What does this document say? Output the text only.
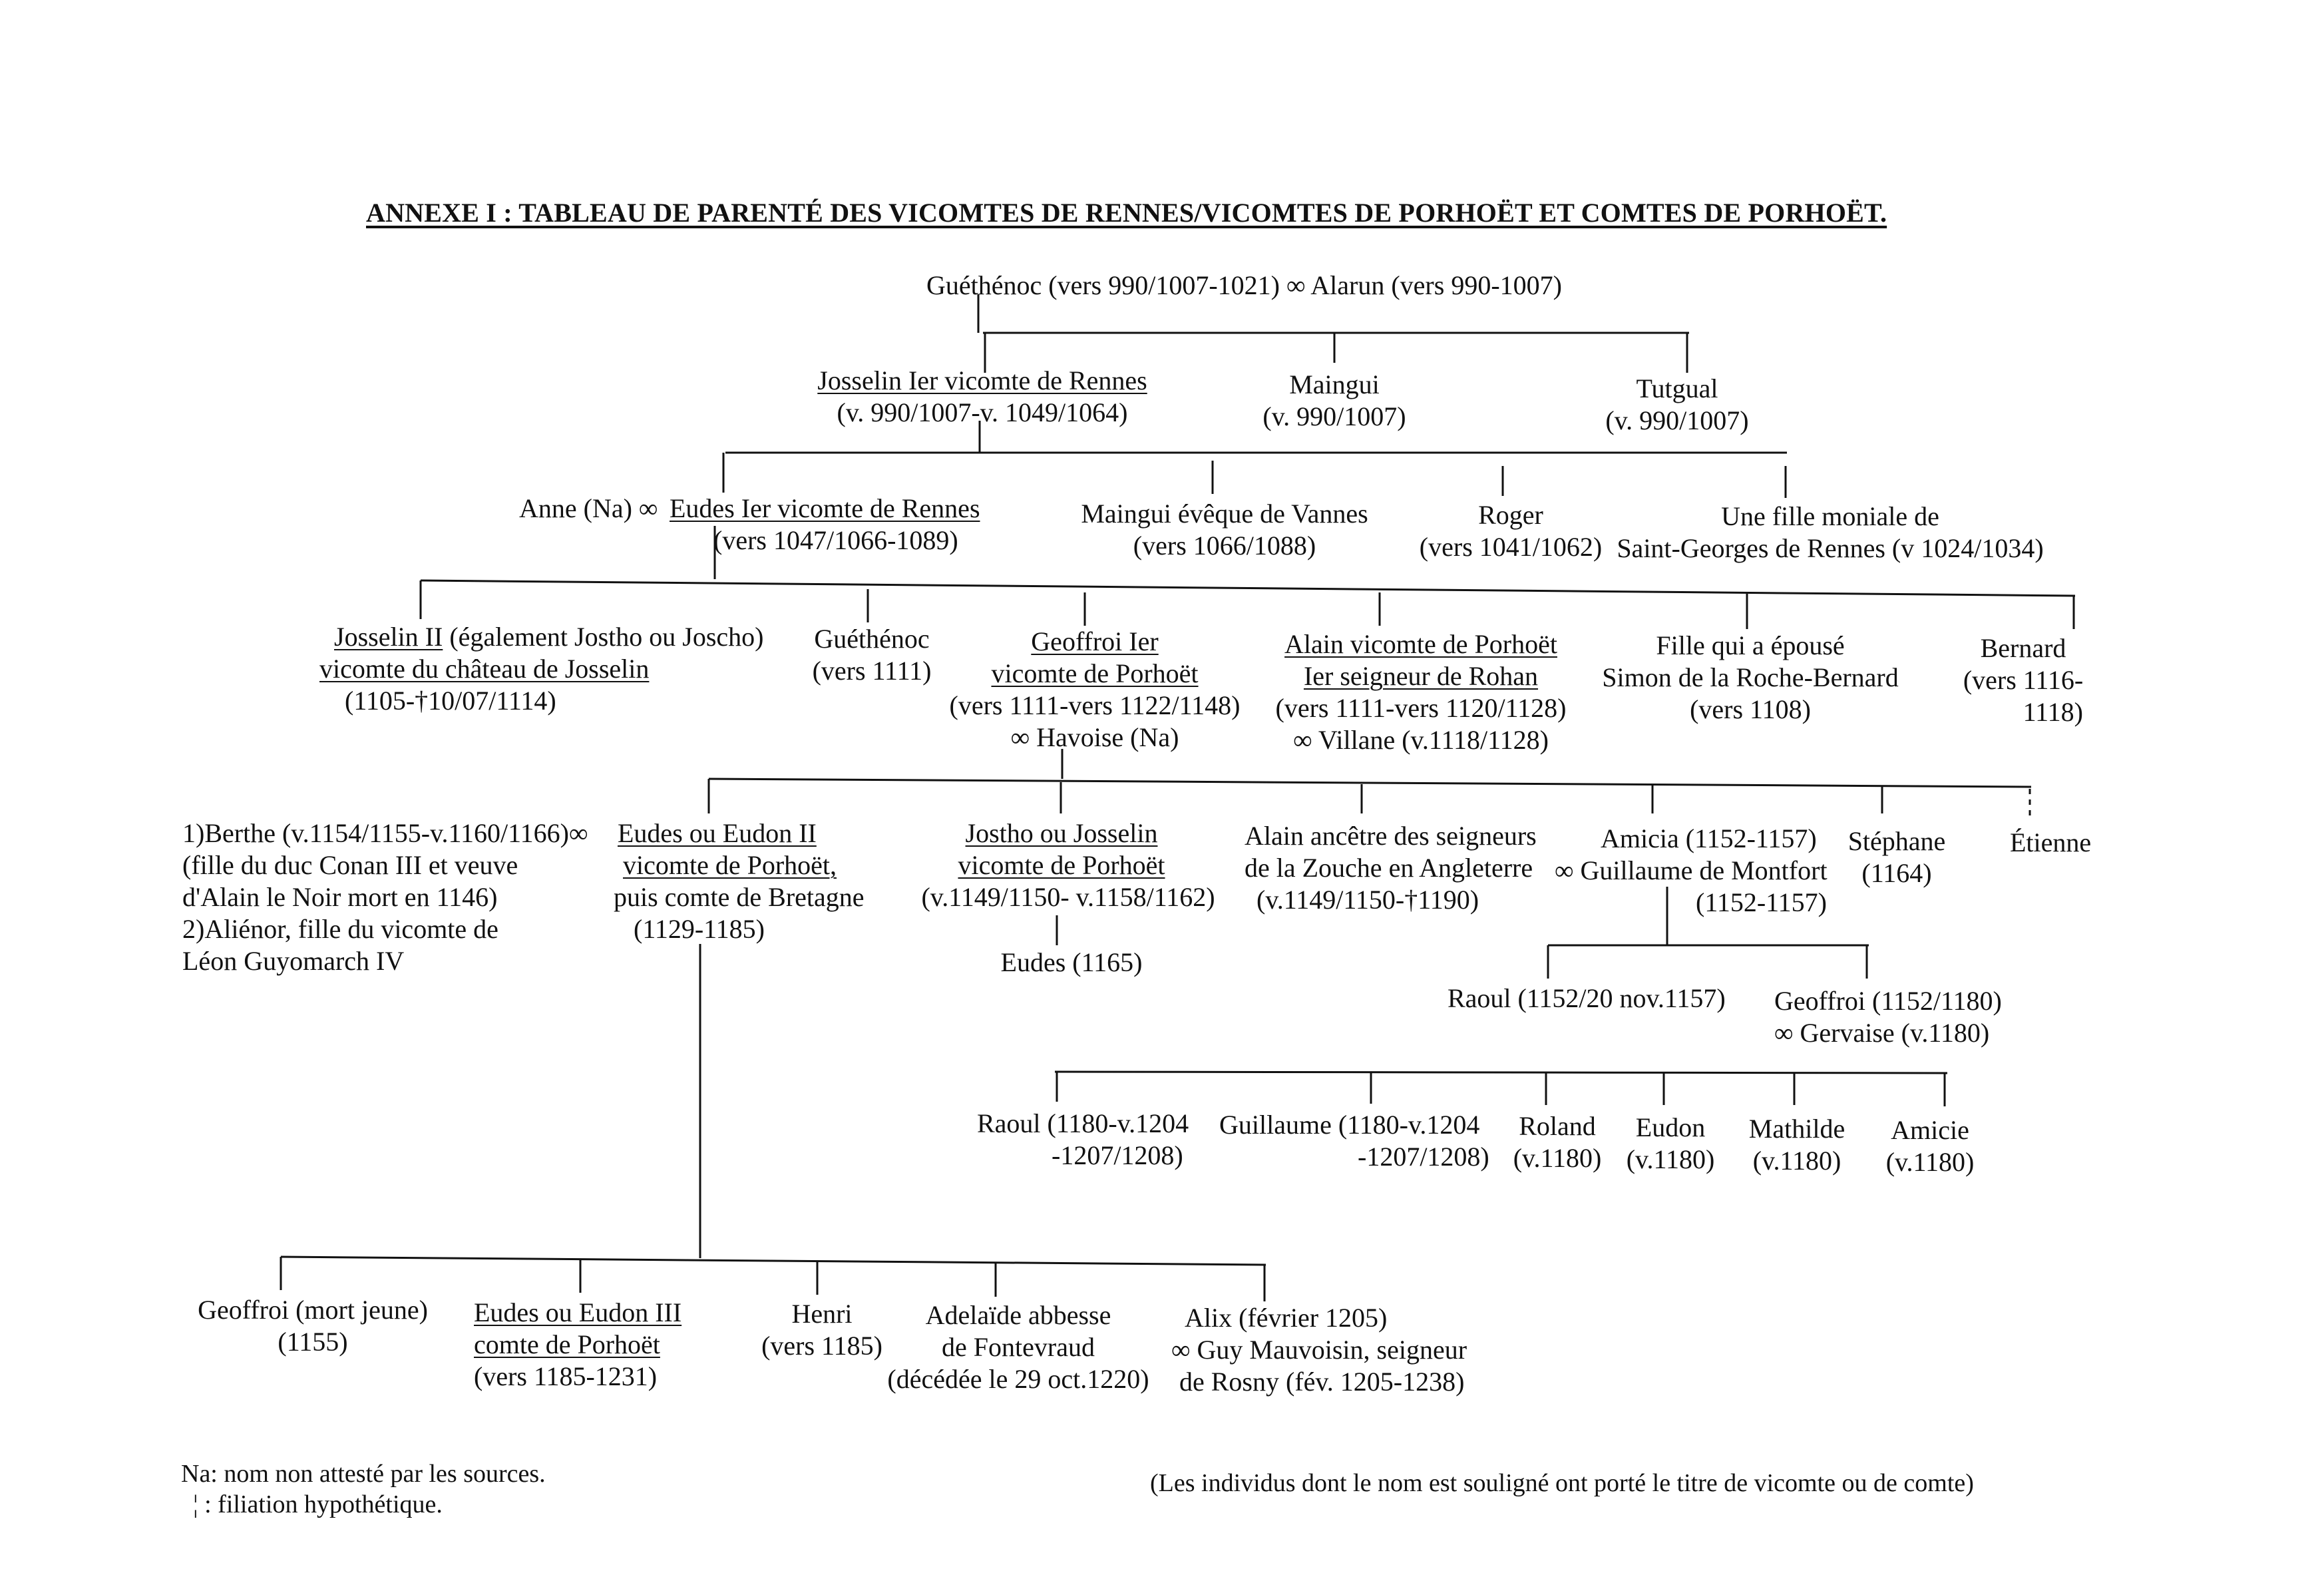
ANNEXE I : TABLEAU DE PARENTÉ DES VICOMTES DE RENNES/VICOMTES DE PORHOËT ET COMTES DE PORHOËT.
Guéthénoc (vers 990/1007-1021) ∞ Alarun (vers 990-1007)
Josselin Ier vicomte de Rennes
(v. 990/1007-v. 1049/1064)
Maingui
(v. 990/1007)
Tutgual
(v. 990/1007)
Anne (Na) ∞ Eudes Ier vicomte de Rennes
(vers 1047/1066-1089)
Maingui évêque de Vannes
(vers 1066/1088)
Roger
(vers 1041/1062)
Une fille moniale de
Saint-Georges de Rennes (v 1024/1034)
Josselin II (également Jostho ou Joscho)
vicomte du château de Josselin
(1105-†10/07/1114)
Guéthénoc
(vers 1111)
Geoffroi Ier
vicomte de Porhoët
(vers 1111-vers 1122/1148)
∞ Havoise (Na)
Alain vicomte de Porhoët
Ier seigneur de Rohan
(vers 1111-vers 1120/1128)
∞ Villane (v.1118/1128)
Fille qui a épousé
Simon de la Roche-Bernard
(vers 1108)
Bernard
(vers 1116-
1118)
1)Berthe (v.1154/1155-v.1160/1166)∞
(fille du duc Conan III et veuve
d'Alain le Noir mort en 1146)
2)Aliénor, fille du vicomte de
Léon Guyomarch IV
Eudes ou Eudon II
vicomte de Porhoët,
puis comte de Bretagne
(1129-1185)
Jostho ou Josselin
vicomte de Porhoët
(v.1149/1150- v.1158/1162)
Eudes (1165)
Alain ancêtre des seigneurs
de la Zouche en Angleterre
(v.1149/1150-†1190)
Amicia (1152-1157)
∞ Guillaume de Montfort
(1152-1157)
Stéphane
(1164)
Étienne
Raoul (1152/20 nov.1157) Geoffroi (1152/1180)
∞ Gervaise (v.1180)
Raoul (1180-v.1204
-1207/1208)
Guillaume (1180-v.1204
-1207/1208)
Roland
(v.1180)
Eudon
(v.1180)
Mathilde
(v.1180)
Amicie
(v.1180)
Geoffroi (mort jeune)
(1155)
Eudes ou Eudon III
comte de Porhoët
(vers 1185-1231)
Henri
(vers 1185)
Adelaïde abbesse
de Fontevraud
(décédée le 29 oct.1220)
Alix (février 1205)
∞ Guy Mauvoisin, seigneur
de Rosny (fév. 1205-1238)
Na: nom non attesté par les sources.
¦ : filiation hypothétique.
(Les individus dont le nom est souligné ont porté le titre de vicomte ou de comte)
